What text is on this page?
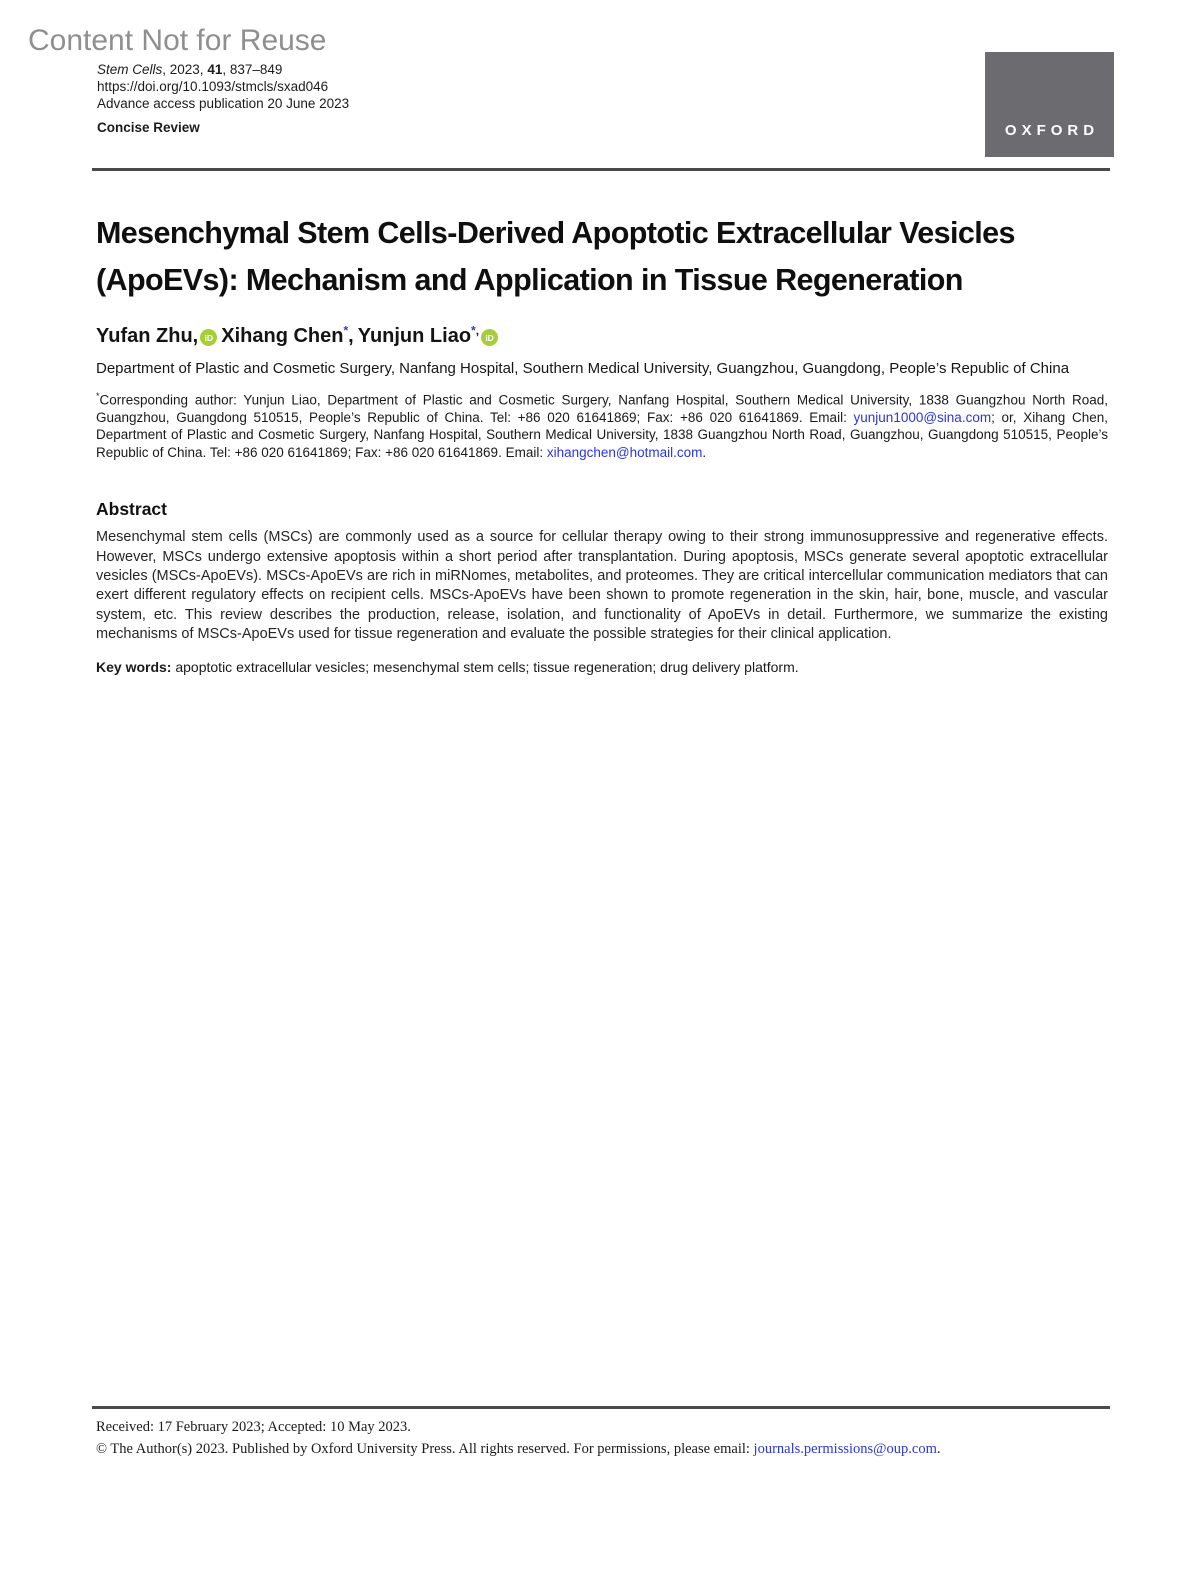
Content Not for Reuse
Stem Cells, 2023, 41, 837–849
https://doi.org/10.1093/stmcls/sxad046
Advance access publication 20 June 2023
Concise Review	OXFORD
Mesenchymal Stem Cells-Derived Apoptotic Extracellular Vesicles (ApoEVs): Mechanism and Application in Tissue Regeneration
Yufan Zhu, iD Xihang Chen*, Yunjun Liao*,
iD
Department of Plastic and Cosmetic Surgery, Nanfang Hospital, Southern Medical University, Guangzhou, Guangdong, People’s Republic of China
*Corresponding author: Yunjun Liao, Department of Plastic and Cosmetic Surgery, Nanfang Hospital, Southern Medical University, 1838 Guangzhou North Road, Guangzhou, Guangdong 510515, People’s Republic of China. Tel: +86 020 61641869; Fax: +86 020 61641869. Email: yunjun1000@sina.com; or, Xihang Chen, Department of Plastic and Cosmetic Surgery, Nanfang Hospital, Southern Medical University, 1838 Guangzhou North Road, Guangzhou, Guangdong 510515, People’s Republic of China. Tel: +86 020 61641869; Fax: +86 020 61641869. Email: xihangchen@hotmail.com.
Abstract

Mesenchymal stem cells (MSCs) are commonly used as a source for cellular therapy owing to their strong immunosuppressive and regenerative effects. However, MSCs undergo extensive apoptosis within a short period after transplantation. During apoptosis, MSCs generate several apoptotic extracellular vesicles (MSCs-ApoEVs). MSCs-ApoEVs are rich in miRNomes, metabolites, and proteomes. They are critical intercellular communication mediators that can exert different regulatory effects on recipient cells. MSCs-ApoEVs have been shown to promote regeneration in the skin, hair, bone, muscle, and vascular system, etc. This review describes the production, release, isolation, and functionality of ApoEVs in detail. Furthermore, we summarize the existing mechanisms of MSCs-ApoEVs used for tissue regeneration and evaluate the possible strategies for their clinical application.

Key words: apoptotic extracellular vesicles; mesenchymal stem cells; tissue regeneration; drug delivery platform.

Received: 17 February 2023; Accepted: 10 May 2023.
© The Author(s) 2023. Published by Oxford University Press. All rights reserved. For permissions, please email: journals.permissions@oup.com.
